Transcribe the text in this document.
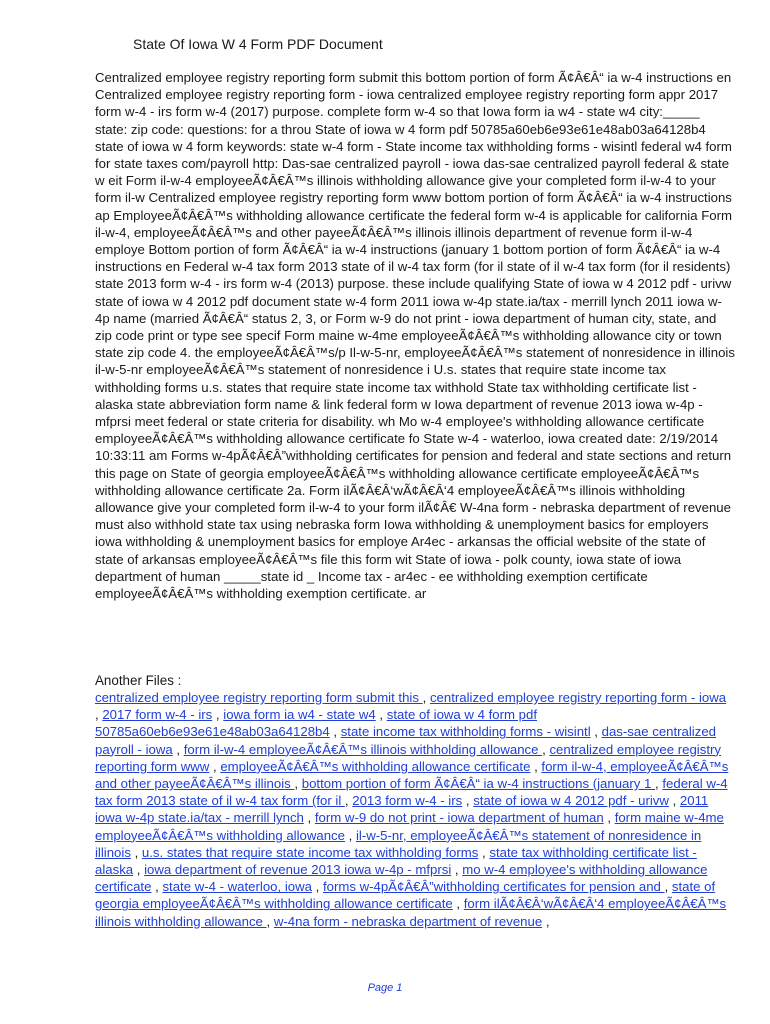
State Of Iowa W 4 Form PDF Document
Centralized employee registry reporting form submit this bottom portion of form Ã¢Â€Â“ ia w-4 instructions en Centralized employee registry reporting form - iowa centralized employee registry reporting form appr 2017 form w-4 - irs form w-4 (2017) purpose. complete form w-4 so that Iowa form ia w4 - state w4 city:_____ state: zip code: questions: for a throu State of iowa w 4 form pdf 50785a60eb6e93e61e48ab03a64128b4 state of iowa w 4 form keywords: state w-4 form - State income tax withholding forms - wisintl federal w4 form for state taxes com/payroll http: Das-sae centralized payroll - iowa das-sae centralized payroll federal & state w eit Form il-w-4 employeeÃ¢Â€Â™s illinois withholding allowance give your completed form il-w-4 to your form il-w Centralized employee registry reporting form www bottom portion of form Ã¢Â€Â“ ia w-4 instructions ap EmployeeÃ¢Â€Â™s withholding allowance certificate the federal form w-4 is applicable for california Form il-w-4, employeeÃ¢Â€Â™s and other payeeÃ¢Â€Â™s illinois illinois department of revenue form il-w-4 employe Bottom portion of form Ã¢Â€Â“ ia w-4 instructions (january 1 bottom portion of form Ã¢Â€Â“ ia w-4 instructions en Federal w-4 tax form 2013 state of il w-4 tax form (for il state of il w-4 tax form (for il residents) state 2013 form w-4 - irs form w-4 (2013) purpose. these include qualifying State of iowa w 4 2012 pdf - urivw state of iowa w 4 2012 pdf document state w-4 form 2011 iowa w-4p state.ia/tax - merrill lynch 2011 iowa w-4p name (married Ã¢Â€Â“ status 2, 3, or Form w-9 do not print - iowa department of human city, state, and zip code print or type see specif Form maine w-4me employeeÃ¢Â€Â™s withholding allowance city or town state zip code 4. the employeeÃ¢Â€Â™s/p Il-w-5-nr, employeeÃ¢Â€Â™s statement of nonresidence in illinois il-w-5-nr employeeÃ¢Â€Â™s statement of nonresidence i U.s. states that require state income tax withholding forms u.s. states that require state income tax withhold State tax withholding certificate list - alaska state abbreviation form name & link federal form w Iowa department of revenue 2013 iowa w-4p - mfprsi meet federal or state criteria for disability. wh Mo w-4 employee's withholding allowance certificate employeeÃ¢Â€Â™s withholding allowance certificate fo State w-4 - waterloo, iowa created date: 2/19/2014 10:33:11 am Forms w-4pÃ¢Â€Â”withholding certificates for pension and federal and state sections and return this page on State of georgia employeeÃ¢Â€Â™s withholding allowance certificate employeeÃ¢Â€Â™s withholding allowance certificate 2a. Form ilÃ¢Â€Â‘wÃ¢Â€Â‘4 employeeÃ¢Â€Â™s illinois withholding allowance give your completed form il-w-4 to your form ilÃ¢Â€ W-4na form - nebraska department of revenue must also withhold state tax using nebraska form Iowa withholding & unemployment basics for employers iowa withholding & unemployment basics for employe Ar4ec - arkansas the official website of the state of state of arkansas employeeÃ¢Â€Â™s file this form wit State of iowa - polk county, iowa state of iowa department of human _____state id _ Income tax - ar4ec - ee withholding exemption certificate employeeÃ¢Â€Â™s withholding exemption certificate. ar
Another Files :
centralized employee registry reporting form submit this , centralized employee registry reporting form - iowa , 2017 form w-4 - irs , iowa form ia w4 - state w4 , state of iowa w 4 form pdf 50785a60eb6e93e61e48ab03a64128b4 , state income tax withholding forms - wisintl , das-sae centralized payroll - iowa , form il-w-4 employeeÃ¢Â€Â™s illinois withholding allowance , centralized employee registry reporting form www , employeeÃ¢Â€Â™s withholding allowance certificate , form il-w-4, employeeÃ¢Â€Â™s and other payeeÃ¢Â€Â™s illinois , bottom portion of form Ã¢Â€Â“ ia w-4 instructions (january 1 , federal w-4 tax form 2013 state of il w-4 tax form (for il , 2013 form w-4 - irs , state of iowa w 4 2012 pdf - urivw , 2011 iowa w-4p state.ia/tax - merrill lynch , form w-9 do not print - iowa department of human , form maine w-4me employeeÃ¢Â€Â™s withholding allowance , il-w-5-nr, employeeÃ¢Â€Â™s statement of nonresidence in illinois , u.s. states that require state income tax withholding forms , state tax withholding certificate list - alaska , iowa department of revenue 2013 iowa w-4p - mfprsi , mo w-4 employee's withholding allowance certificate , state w-4 - waterloo, iowa , forms w-4pÃ¢Â€Â”withholding certificates for pension and , state of georgia employeeÃ¢Â€Â™s withholding allowance certificate , form ilÃ¢Â€Â‘wÃ¢Â€Â‘4 employeeÃ¢Â€Â™s illinois withholding allowance , w-4na form - nebraska department of revenue ,
Page 1
